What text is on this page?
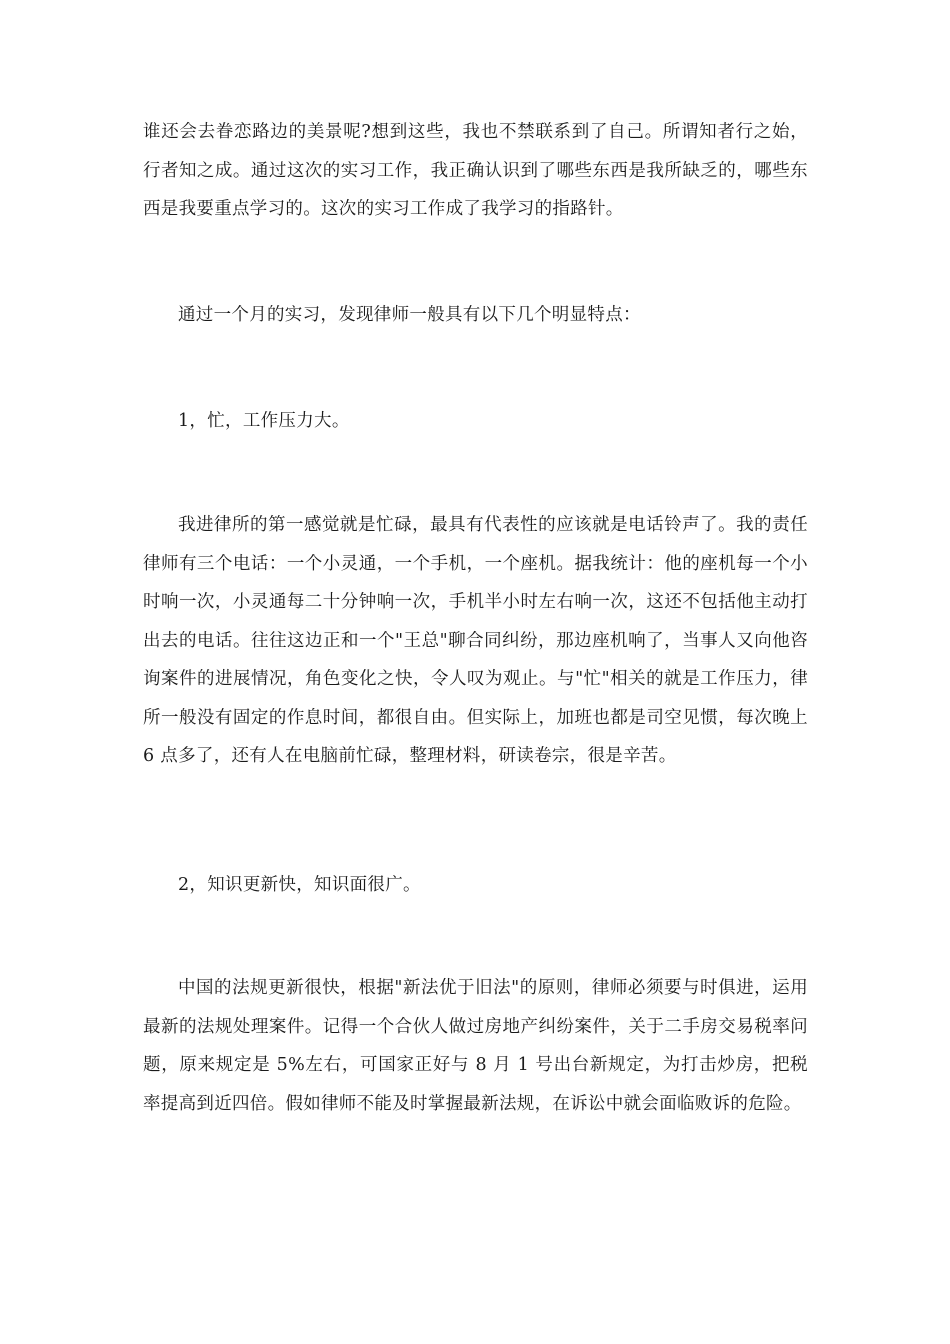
谁还会去眷恋路边的美景呢?想到这些，我也不禁联系到了自己。所谓知者行之始，行者知之成。通过这次的实习工作，我正确认识到了哪些东西是我所缺乏的，哪些东西是我要重点学习的。这次的实习工作成了我学习的指路针。

通过一个月的实习，发现律师一般具有以下几个明显特点：

1，忙，工作压力大。

我进律所的第一感觉就是忙碌，最具有代表性的应该就是电话铃声了。我的责任律师有三个电话：一个小灵通，一个手机，一个座机。据我统计：他的座机每一个小时响一次，小灵通每二十分钟响一次，手机半小时左右响一次，这还不包括他主动打出去的电话。往往这边正和一个"王总"聊合同纠纷，那边座机响了，当事人又向他咨询案件的进展情况，角色变化之快，令人叹为观止。与"忙"相关的就是工作压力，律所一般没有固定的作息时间，都很自由。但实际上，加班也都是司空见惯，每次晚上 6 点多了，还有人在电脑前忙碌，整理材料，研读卷宗，很是辛苦。

2，知识更新快，知识面很广。

中国的法规更新很快，根据"新法优于旧法"的原则，律师必须要与时俱进，运用最新的法规处理案件。记得一个合伙人做过房地产纠纷案件，关于二手房交易税率问题，原来规定是 5%左右，可国家正好与 8 月 1 号出台新规定，为打击炒房，把税率提高到近四倍。假如律师不能及时掌握最新法规，在诉讼中就会面临败诉的危险。
